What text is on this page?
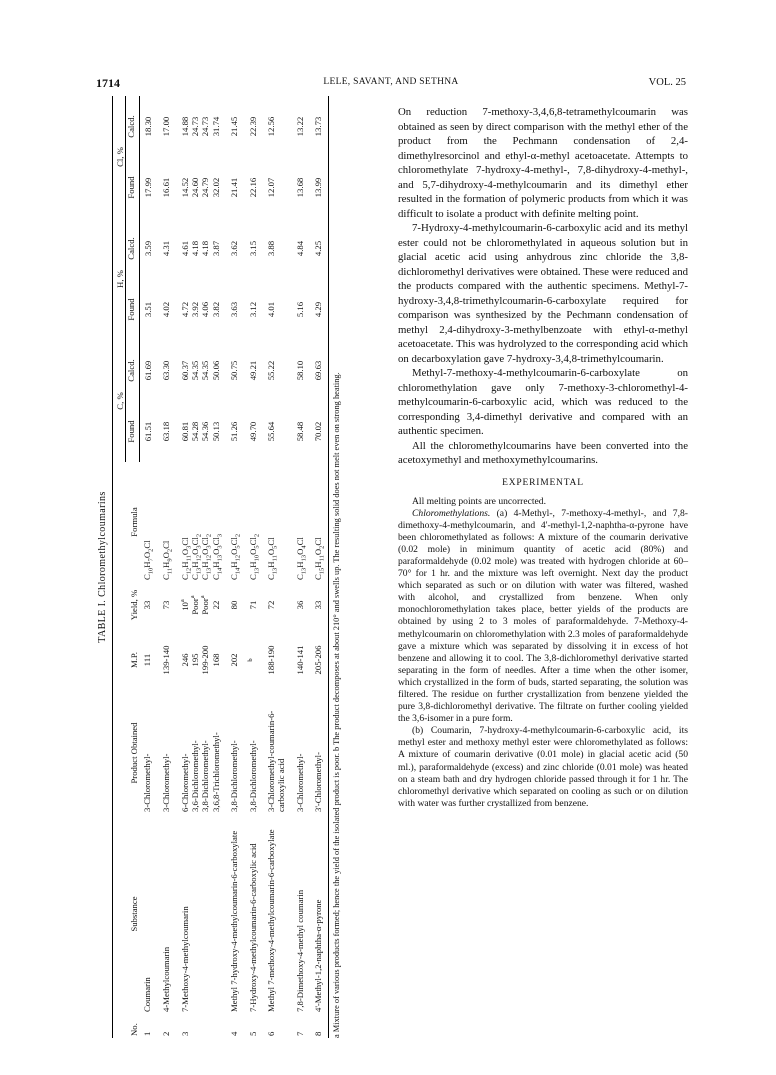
1714	LELE, SAVANT, AND SETHNA	VOL. 25
TABLE I. Chloromethylcoumarins
No.	Substance	Product Obtained	M.P.	Yield, %	Formula	C, %		H, %		Cl, %	
						Found	Calcd.	Found	Calcd.	Found	Calcd.
1	Coumarin	3-Chloromethyl-	111	33	$C_{10}H_7O_2Cl$	61.51	61.69	3.51	3.59	17.99	18.30
2	4-Methylcoumarin	3-Chloromethyl-	139-140	73	$C_{11}H_9O_2Cl$	63.18	63.30	4.02	4.31	16.61	17.00
3	7-Methoxy-4-methylcoumarin	6-Chloromethyl-	246	10$^a$	$C_{12}H_{11}O_3Cl$	60.81	60.37	4.72	4.61	14.52	14.88
		3,6-Dichloromethyl-	195	Poor$^a$	$C_{13}H_{12}O_3Cl_2$	54.28	54.35	3.92	4.18	24.60	24.73
		3,8-Dichloromethyl-	199-200	Poor$^a$	$C_{13}H_{12}O_3Cl_2$	54.36	54.35	4.06	4.18	24.79	24.73
		3,6,8-Trichloromethyl-	168	22	$C_{14}H_{13}O_3Cl_3$	50.13	50.06	3.82	3.87	32.02	31.74
4	Methyl 7-hydroxy-4-methylcoumarin-6-carboxylate	3,8-Dichloromethyl-	202	80	$C_{14}H_{12}O_5Cl_2$	51.26	50.75	3.63	3.62	21.41	21.45
5	7-Hydroxy-4-methylcoumarin-6-carboxylic acid	3,8-Dichloromethyl-	$^b$	71	$C_{13}H_{10}O_5Cl_2$	49.70	49.21	3.12	3.15	22.16	22.39
6	Methyl 7-methoxy-4-methylcoumarin-6-carboxylate	3-Chloromethyl-coumarin-6-carboxylic acid	188-190	72	$C_{13}H_{11}O_5Cl$	55.64	55.22	4.01	3.88	12.07	12.56
7	7,8-Dimethoxy-4-methyl coumarin	3-Chloromethyl-	140-141	36	$C_{13}H_{13}O_4Cl$	58.48	58.10	5.16	4.84	13.68	13.22
8	4'-Methyl-1,2-naphtha-α-pyrone	3'-Chloromethyl-	205-206	33	$C_{15}H_{11}O_2Cl$	70.02	69.63	4.29	4.25	13.99	13.73
a Mixture of various products formed; hence the yield of the isolated product is poor. b The product decomposes at about 210° and swells up. The resulting solid does not melt even on strong heating.

On reduction 7-methoxy-3,4,6,8-tetramethylcoumarin was obtained as seen by direct comparison with the methyl ether of the product from the Pechmann condensation of 2,4-dimethylresorcinol and ethyl-α-methyl acetoacetate. Attempts to chloromethylate 7-hydroxy-4-methyl-, 7,8-dihydroxy-4-methyl-, and 5,7-dihydroxy-4-methylcoumarin and its dimethyl ether resulted in the formation of polymeric products from which it was difficult to isolate a product with definite melting point.

7-Hydroxy-4-methylcoumarin-6-carboxylic acid and its methyl ester could not be chloromethylated in aqueous solution but in glacial acetic acid using anhydrous zinc chloride the 3,8-dichloromethyl derivatives were obtained. These were reduced and the products compared with the authentic specimens. Methyl-7-hydroxy-3,4,8-trimethylcoumarin-6-carboxylate required for comparison was synthesized by the Pechmann condensation of methyl 2,4-dihydroxy-3-methylbenzoate with ethyl-α-methyl acetoacetate. This was hydrolyzed to the corresponding acid which on decarboxylation gave 7-hydroxy-3,4,8-trimethylcoumarin.

Methyl-7-methoxy-4-methylcoumarin-6-carboxylate on chloromethylation gave only 7-methoxy-3-chloromethyl-4-methylcoumarin-6-carboxylic acid, which was reduced to the corresponding 3,4-dimethyl derivative and compared with an authentic specimen.

All the chloromethylcoumarins have been converted into the acetoxymethyl and methoxymethylcoumarins.

EXPERIMENTAL

All melting points are uncorrected.

Chloromethylations. (a) 4-Methyl-, 7-methoxy-4-methyl-, and 7,8-dimethoxy-4-methylcoumarin, and 4'-methyl-1,2-naphtha-α-pyrone have been chloromethylated as follows: A mixture of the coumarin derivative (0.02 mole) in minimum quantity of acetic acid (80%) and paraformaldehyde (0.02 mole) was treated with hydrogen chloride at 60–70° for 1 hr. and the mixture was left overnight. Next day the product which separated as such or on dilution with water was filtered, washed with alcohol, and crystallized from benzene. When only monochloromethylation takes place, better yields of the products are obtained by using 2 to 3 moles of paraformaldehyde. 7-Methoxy-4-methylcoumarin on chloromethylation with 2.3 moles of paraformaldehyde gave a mixture which was separated by dissolving it in excess of hot benzene and allowing it to cool. The 3,8-dichloromethyl derivative started separating in the form of needles. After a time when the other isomer, which crystallized in the form of buds, started separating, the solution was filtered. The residue on further crystallization from benzene yielded the pure 3,8-dichloromethyl derivative. The filtrate on further cooling yielded the 3,6-isomer in a pure form.

(b) Coumarin, 7-hydroxy-4-methylcoumarin-6-carboxylic acid, its methyl ester and methoxy methyl ester were chloromethylated as follows: A mixture of coumarin derivative (0.01 mole) in glacial acetic acid (50 ml.), paraformaldehyde (excess) and zinc chloride (0.01 mole) was heated on a steam bath and dry hydrogen chloride passed through it for 1 hr. The chloromethyl derivative which separated on cooling as such or on dilution with water was further crystallized from benzene.
